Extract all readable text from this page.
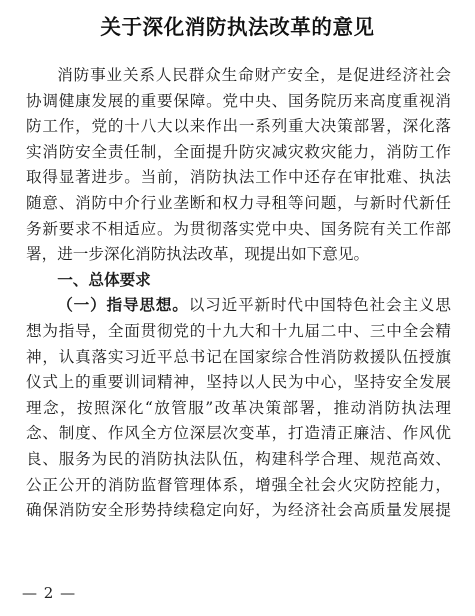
关于深化消防执法改革的意见

消防事业关系人民群众生命财产安全，是促进经济社会
协调健康发展的重要保障。党中央、国务院历来高度重视消
防工作，党的十八大以来作出一系列重大决策部署，深化落
实消防安全责任制，全面提升防灾减灾救灾能力，消防工作
取得显著进步。当前，消防执法工作中还存在审批难、执法
随意、消防中介行业垄断和权力寻租等问题，与新时代新任
务新要求不相适应。为贯彻落实党中央、国务院有关工作部
署，进一步深化消防执法改革，现提出如下意见。

一、总体要求

（一）指导思想。以习近平新时代中国特色社会主义思
想为指导，全面贯彻党的十九大和十九届二中、三中全会精
神，认真落实习近平总书记在国家综合性消防救援队伍授旗
仪式上的重要训词精神，坚持以人民为中心，坚持安全发展
理念，按照深化“放管服”改革决策部署，推动消防执法理
念、制度、作风全方位深层次变革，打造清正廉洁、作风优
良、服务为民的消防执法队伍，构建科学合理、规范高效、
公正公开的消防监督管理体系，增强全社会火灾防控能力，
确保消防安全形势持续稳定向好，为经济社会高质量发展提

— 2 —
